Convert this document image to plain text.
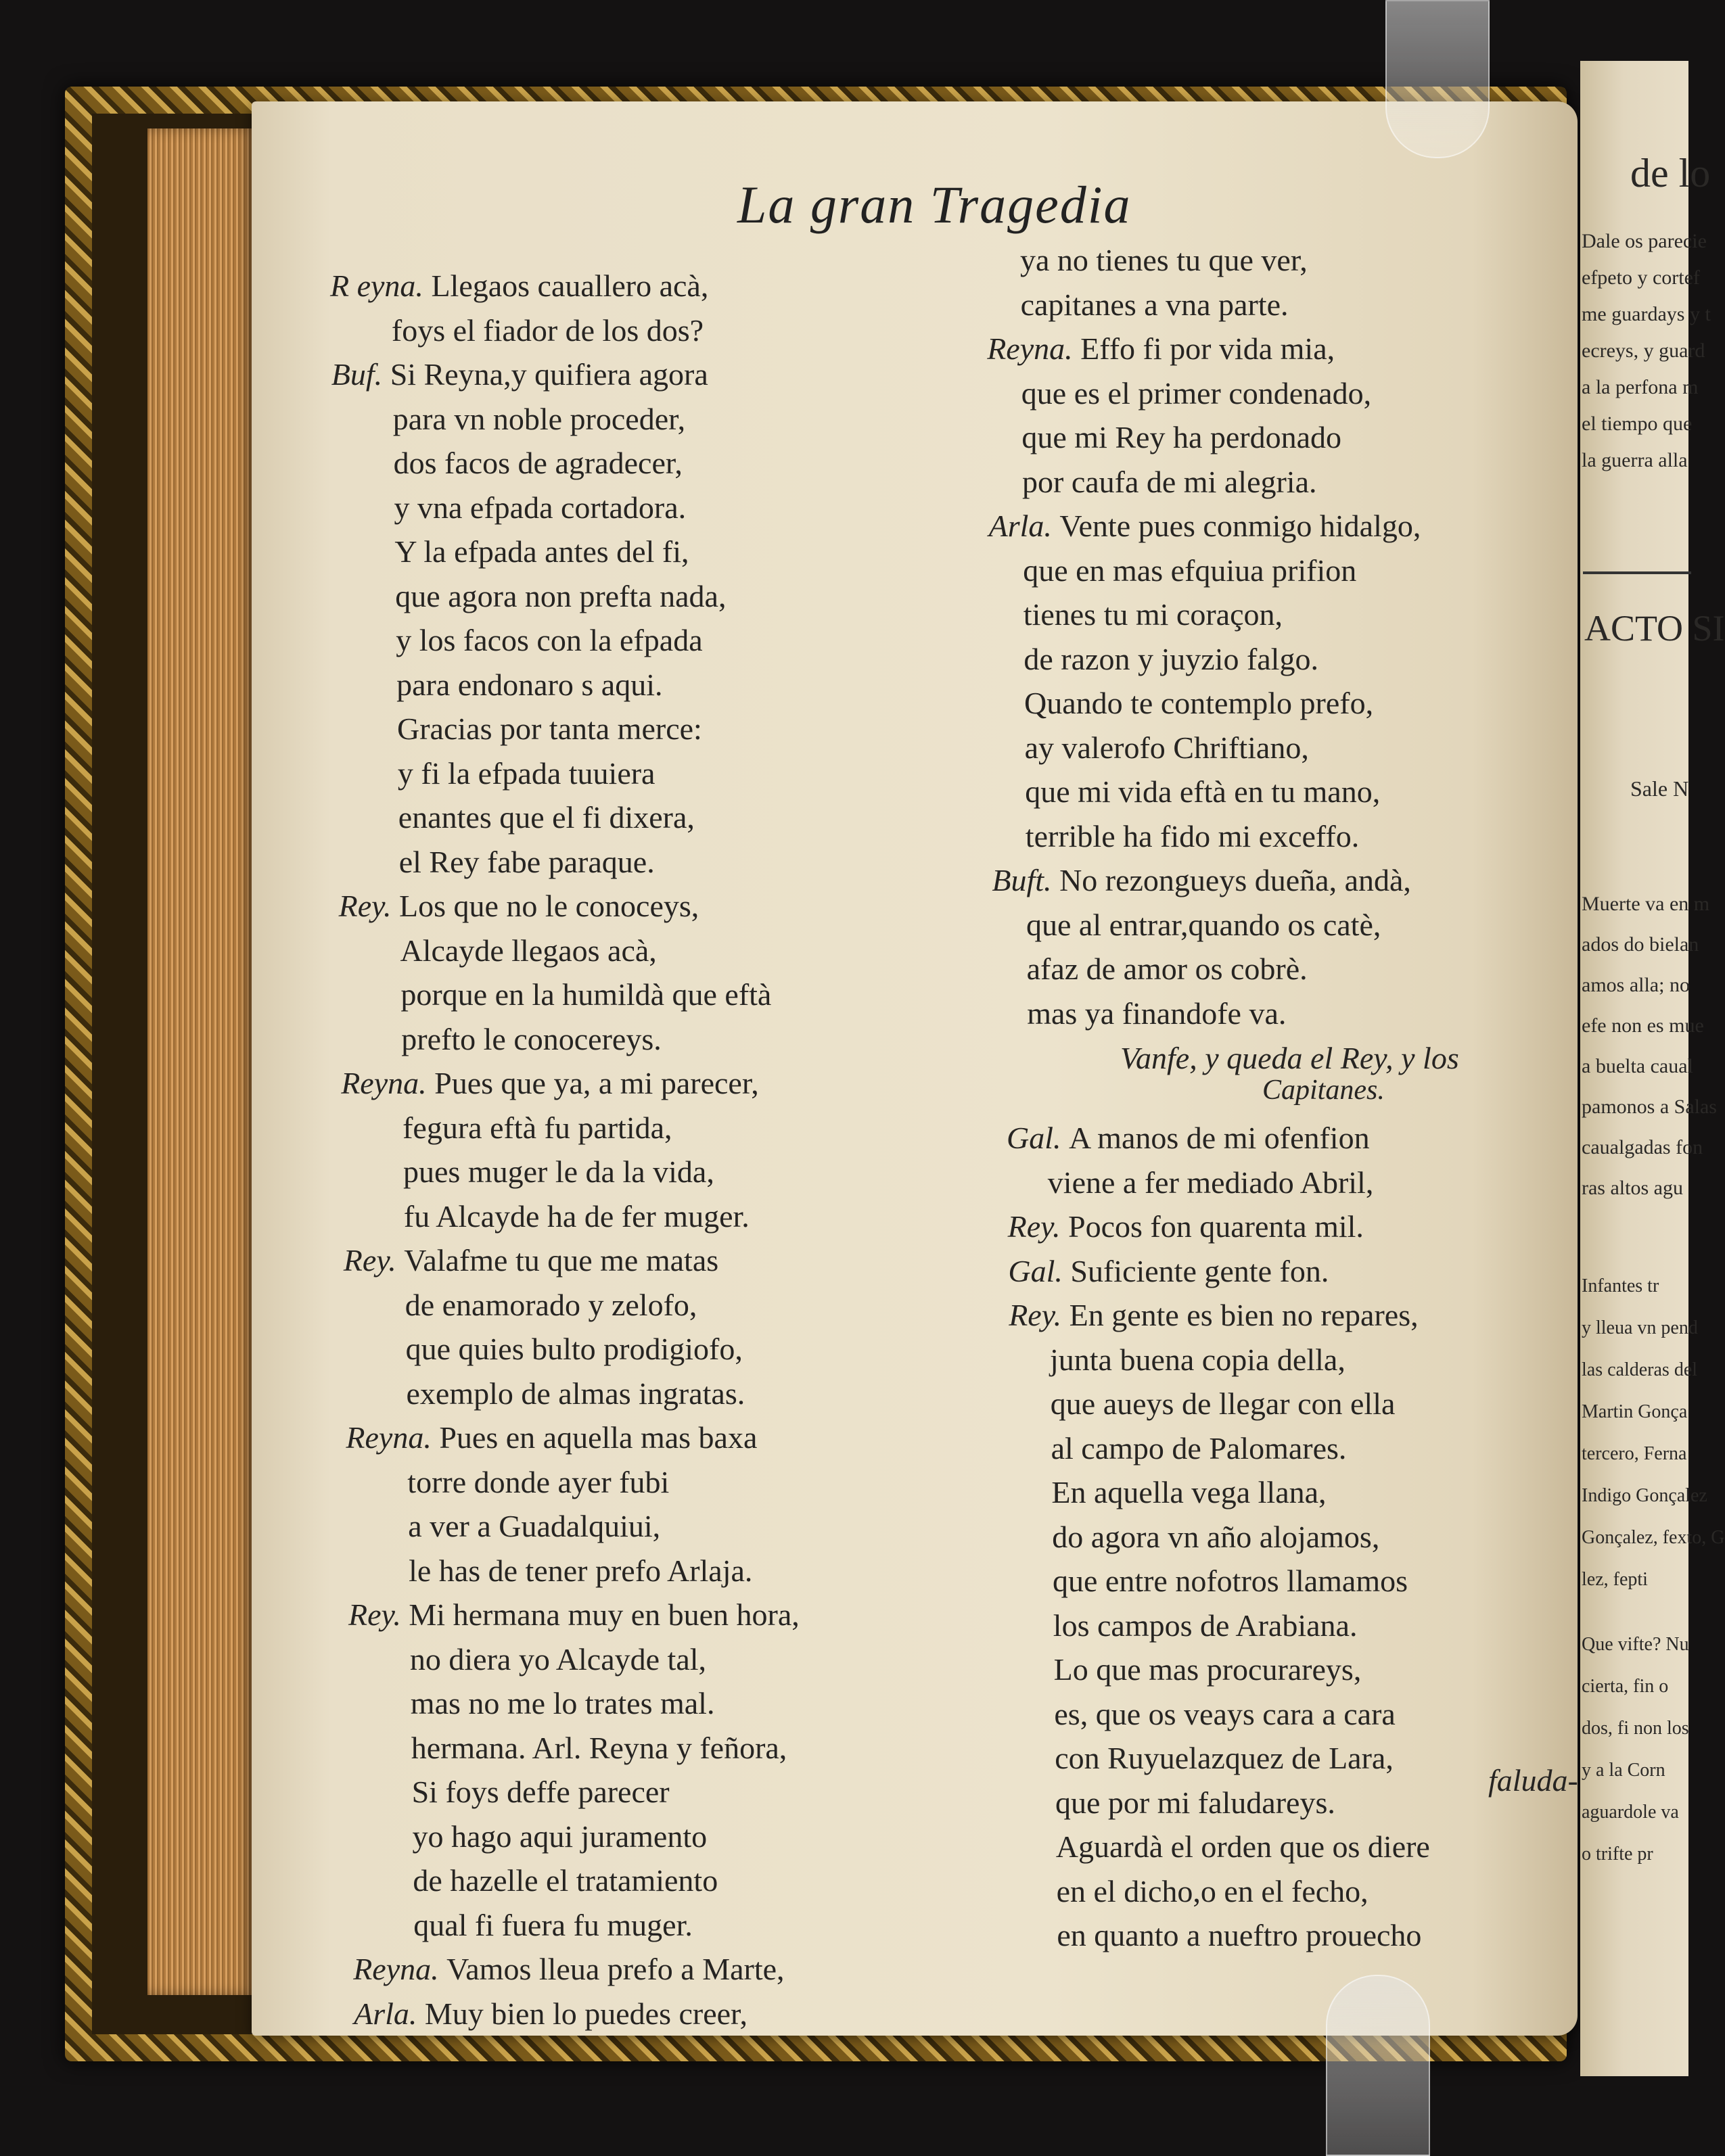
La gran Tragedia
R eyna. Llegaos cauallero acà,
foys el fiador de los dos?
Buf. Si Reyna,y quifiera agora
para vn noble proceder,
dos facos de agradecer,
y vna efpada cortadora.
Y la efpada antes del fi,
que agora non prefta nada,
y los facos con la efpada
para endonaro s aqui.
Gracias por tanta merce:
y fi la efpada tuuiera
enantes que el fi dixera,
el Rey fabe paraque.
Rey. Los que no le conoceys,
Alcayde llegaos acà,
porque en la humildà que eftà
prefto le conocereys.
Reyna. Pues que ya, a mi parecer,
fegura eftà fu partida,
pues muger le da la vida,
fu Alcayde ha de fer muger.
Rey. Valafme tu que me matas
de enamorado y zelofo,
que quies bulto prodigiofo,
exemplo de almas ingratas.
Reyna. Pues en aquella mas baxa
torre donde ayer fubi
a ver a Guadalquiui,
le has de tener prefo Arlaja.
Rey. Mi hermana muy en buen hora,
no diera yo Alcayde tal,
mas no me lo trates mal.
hermana. Arl. Reyna y feñora,
Si foys deffe parecer
yo hago aqui juramento
de hazelle el tratamiento
qual fi fuera fu muger.
Reyna. Vamos lleua prefo a Marte,
Arla. Muy bien lo puedes creer,
ya no tienes tu que ver,
capitanes a vna parte.
Reyna. Effo fi por vida mia,
que es el primer condenado,
que mi Rey ha perdonado
por caufa de mi alegria.
Arla. Vente pues conmigo hidalgo,
que en mas efquiua prifion
tienes tu mi coraçon,
de razon y juyzio falgo.
Quando te contemplo prefo,
ay valerofo Chriftiano,
que mi vida eftà en tu mano,
terrible ha fido mi exceffo.
Buft. No rezongueys dueña, andà,
que al entrar,quando os catè,
afaz de amor os cobrè.
mas ya finandofe va.
Gal. A manos de mi ofenfion
viene a fer mediado Abril,
Rey. Pocos fon quarenta mil.
Gal. Suficiente gente fon.
Rey. En gente es bien no repares,
junta buena copia della,
que aueys de llegar con ella
al campo de Palomares.
En aquella vega llana,
do agora vn año alojamos,
que entre nofotros llamamos
los campos de Arabiana.
Lo que mas procurareys,
es, que os veays cara a cara
con Ruyuelazquez de Lara,
que por mi faludareys.
Aguardà el orden que os diere
en el dicho,o en el fecho,
en quanto a nueftro prouecho
Vanfe, y queda el Rey, y los
Capitanes.
faluda-
de lo
ACTO SI
Sale N
Dale os parecie
efpeto y cortef
me guardays y t
ecreys, y guard
a la perfona m
el tiempo que
la guerra alla
Muerte va en m
ados do bielan
amos alla; no
efe non es mue
a buelta caual
pamonos a Salas
caualgadas fon
ras altos agu
Infantes tr
y lleua vn pend
las calderas del
Martin Gonça
tercero, Ferna
Indigo Gonçalez
Gonçalez, fexto, G
lez, fepti
Que vifte? Nu
cierta, fin o
dos, fi non los
y a la Corn
aguardole va
o trifte pr
